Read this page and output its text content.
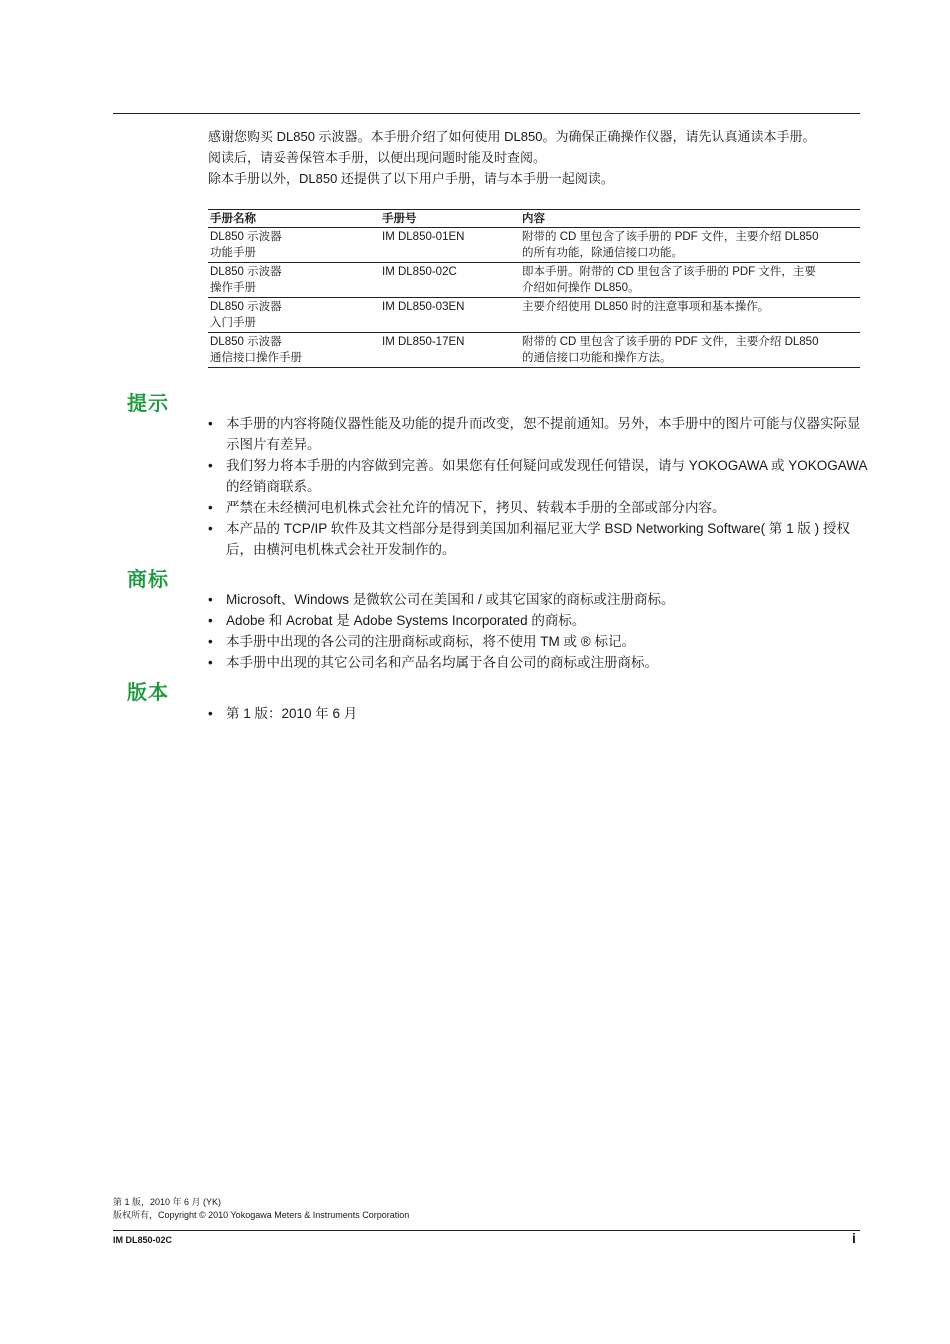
感谢您购买 DL850 示波器。本手册介绍了如何使用 DL850。为确保正确操作仪器，请先认真通读本手册。

阅读后，请妥善保管本手册，以便出现问题时能及时查阅。

除本手册以外，DL850 还提供了以下用户手册，请与本手册一起阅读。

手册名称	手册号	内容
DL850 示波器
功能手册	IM DL850-01EN	附带的 CD 里包含了该手册的 PDF 文件，主要介绍 DL850
的所有功能，除通信接口功能。
DL850 示波器
操作手册	IM DL850-02C	即本手册。附带的 CD 里包含了该手册的 PDF 文件，主要
介绍如何操作 DL850。
DL850 示波器
入门手册	IM DL850-03EN	主要介绍使用 DL850 时的注意事项和基本操作。
DL850 示波器
通信接口操作手册	IM DL850-17EN	附带的 CD 里包含了该手册的 PDF 文件，主要介绍 DL850
的通信接口功能和操作方法。
提示
• 本手册的内容将随仪器性能及功能的提升而改变，恕不提前通知。另外，本手册中的图片可能与仪器实际显示图片有差异。
• 我们努力将本手册的内容做到完善。如果您有任何疑问或发现任何错误，请与 YOKOGAWA 或 YOKOGAWA 的经销商联系。
• 严禁在未经横河电机株式会社允许的情况下，拷贝、转载本手册的全部或部分内容。
• 本产品的 TCP/IP 软件及其文档部分是得到美国加利福尼亚大学 BSD Networking Software( 第 1 版 ) 授权后，由横河电机株式会社开发制作的。
商标
• Microsoft、Windows 是微软公司在美国和 / 或其它国家的商标或注册商标。
• Adobe 和 Acrobat 是 Adobe Systems Incorporated 的商标。
• 本手册中出现的各公司的注册商标或商标，将不使用 TM 或 ® 标记。
• 本手册中出现的其它公司名和产品名均属于各自公司的商标或注册商标。
版本
• 第 1 版：2010 年 6 月

第 1 版，2010 年 6 月 (YK)

版权所有，Copyright © 2010 Yokogawa Meters & Instruments Corporation

IM DL850-02C	i
